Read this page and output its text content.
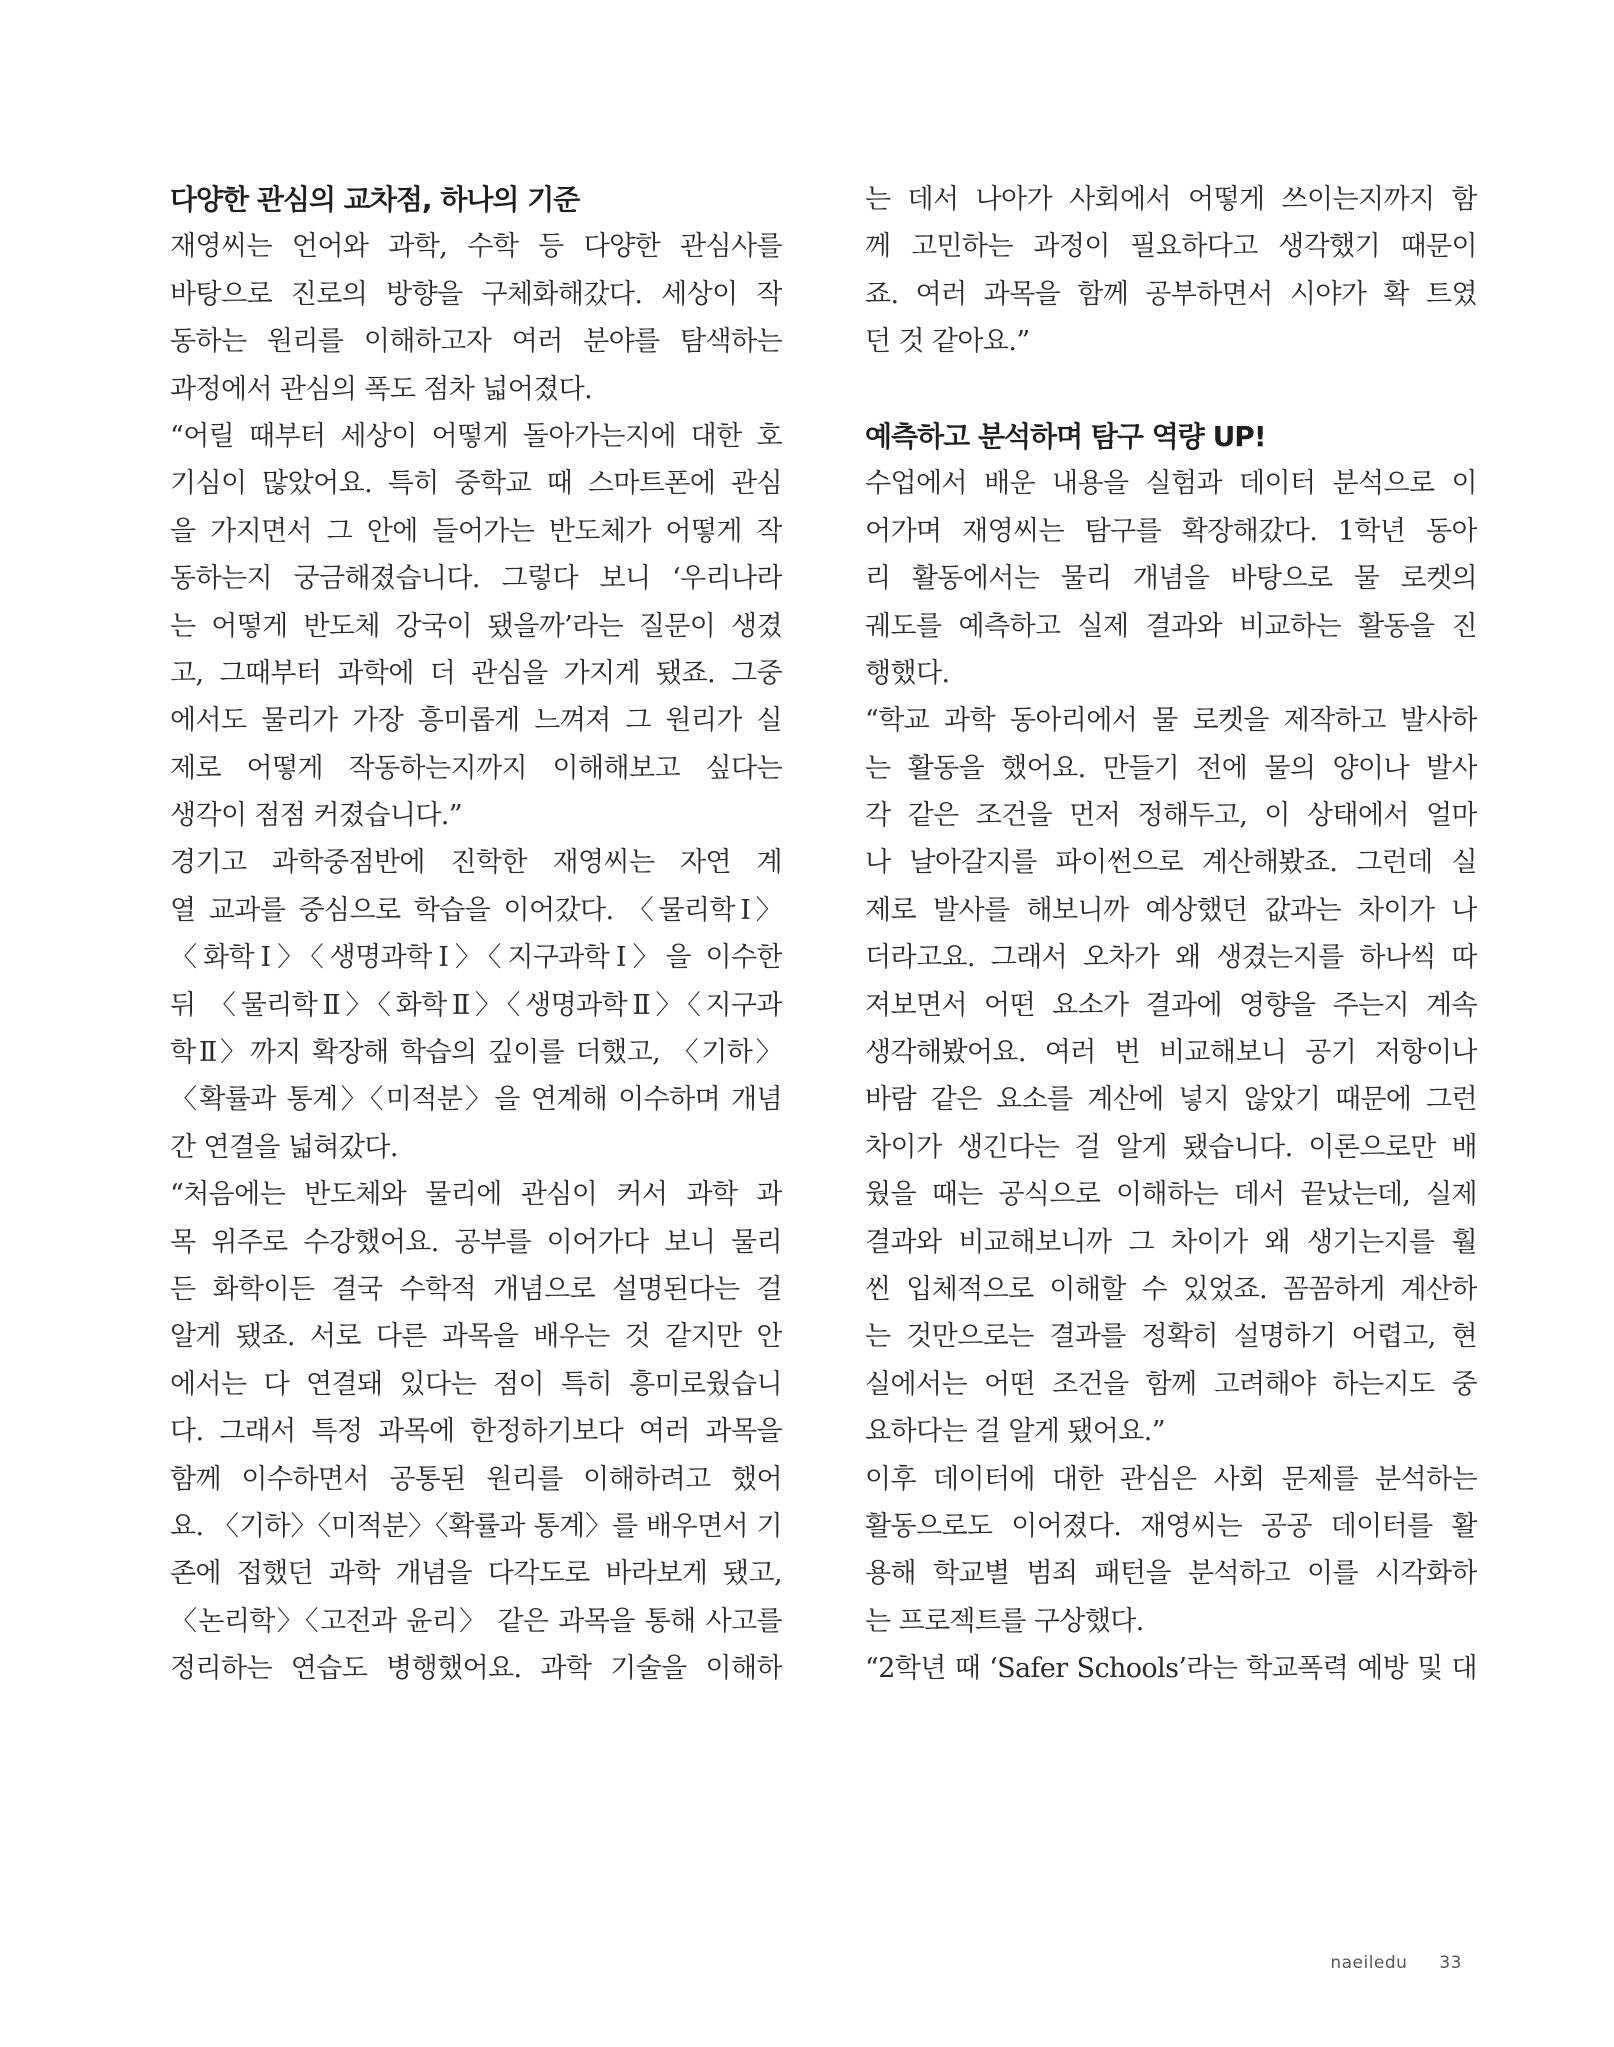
다양한 관심의 교차점, 하나의 기준
재영씨는 언어와 과학, 수학 등 다양한 관심사를
바탕으로 진로의 방향을 구체화해갔다. 세상이 작
동하는 원리를 이해하고자 여러 분야를 탐색하는
과정에서 관심의 폭도 점차 넓어졌다.
“어릴 때부터 세상이 어떻게 돌아가는지에 대한 호
기심이 많았어요. 특히 중학교 때 스마트폰에 관심
을 가지면서 그 안에 들어가는 반도체가 어떻게 작
동하는지 궁금해졌습니다. 그렇다 보니 ‘우리나라
는 어떻게 반도체 강국이 됐을까’라는 질문이 생겼
고, 그때부터 과학에 더 관심을 가지게 됐죠. 그중
에서도 물리가 가장 흥미롭게 느껴져 그 원리가 실
제로 어떻게 작동하는지까지 이해해보고 싶다는
생각이 점점 커졌습니다.”
경기고 과학중점반에 진학한 재영씨는 자연 계
열 교과를 중심으로 학습을 이어갔다. 〈물리학Ⅰ〉
〈화학Ⅰ〉〈생명과학Ⅰ〉〈지구과학Ⅰ〉을 이수한
뒤 〈물리학Ⅱ〉〈화학Ⅱ〉〈생명과학Ⅱ〉〈지구과
학Ⅱ〉까지 확장해 학습의 깊이를 더했고, 〈기하〉
〈확률과 통계〉〈미적분〉을 연계해 이수하며 개념
간 연결을 넓혀갔다.
“처음에는 반도체와 물리에 관심이 커서 과학 과
목 위주로 수강했어요. 공부를 이어가다 보니 물리
든 화학이든 결국 수학적 개념으로 설명된다는 걸
알게 됐죠. 서로 다른 과목을 배우는 것 같지만 안
에서는 다 연결돼 있다는 점이 특히 흥미로웠습니
다. 그래서 특정 과목에 한정하기보다 여러 과목을
함께 이수하면서 공통된 원리를 이해하려고 했어
요. 〈기하〉〈미적분〉〈확률과 통계〉를 배우면서 기
존에 접했던 과학 개념을 다각도로 바라보게 됐고,
〈논리학〉〈고전과 윤리〉 같은 과목을 통해 사고를
정리하는 연습도 병행했어요. 과학 기술을 이해하
는 데서 나아가 사회에서 어떻게 쓰이는지까지 함
께 고민하는 과정이 필요하다고 생각했기 때문이
죠. 여러 과목을 함께 공부하면서 시야가 확 트였
던 것 같아요.”
예측하고 분석하며 탐구 역량 UP!
수업에서 배운 내용을 실험과 데이터 분석으로 이
어가며 재영씨는 탐구를 확장해갔다. 1학년 동아
리 활동에서는 물리 개념을 바탕으로 물 로켓의
궤도를 예측하고 실제 결과와 비교하는 활동을 진
행했다.
“학교 과학 동아리에서 물 로켓을 제작하고 발사하
는 활동을 했어요. 만들기 전에 물의 양이나 발사
각 같은 조건을 먼저 정해두고, 이 상태에서 얼마
나 날아갈지를 파이썬으로 계산해봤죠. 그런데 실
제로 발사를 해보니까 예상했던 값과는 차이가 나
더라고요. 그래서 오차가 왜 생겼는지를 하나씩 따
져보면서 어떤 요소가 결과에 영향을 주는지 계속
생각해봤어요. 여러 번 비교해보니 공기 저항이나
바람 같은 요소를 계산에 넣지 않았기 때문에 그런
차이가 생긴다는 걸 알게 됐습니다. 이론으로만 배
웠을 때는 공식으로 이해하는 데서 끝났는데, 실제
결과와 비교해보니까 그 차이가 왜 생기는지를 훨
씬 입체적으로 이해할 수 있었죠. 꼼꼼하게 계산하
는 것만으로는 결과를 정확히 설명하기 어렵고, 현
실에서는 어떤 조건을 함께 고려해야 하는지도 중
요하다는 걸 알게 됐어요.”
이후 데이터에 대한 관심은 사회 문제를 분석하는
활동으로도 이어졌다. 재영씨는 공공 데이터를 활
용해 학교별 범죄 패턴을 분석하고 이를 시각화하
는 프로젝트를 구상했다.
“2학년 때 ‘Safer Schools’라는 학교폭력 예방 및 대
naeiledu 33
